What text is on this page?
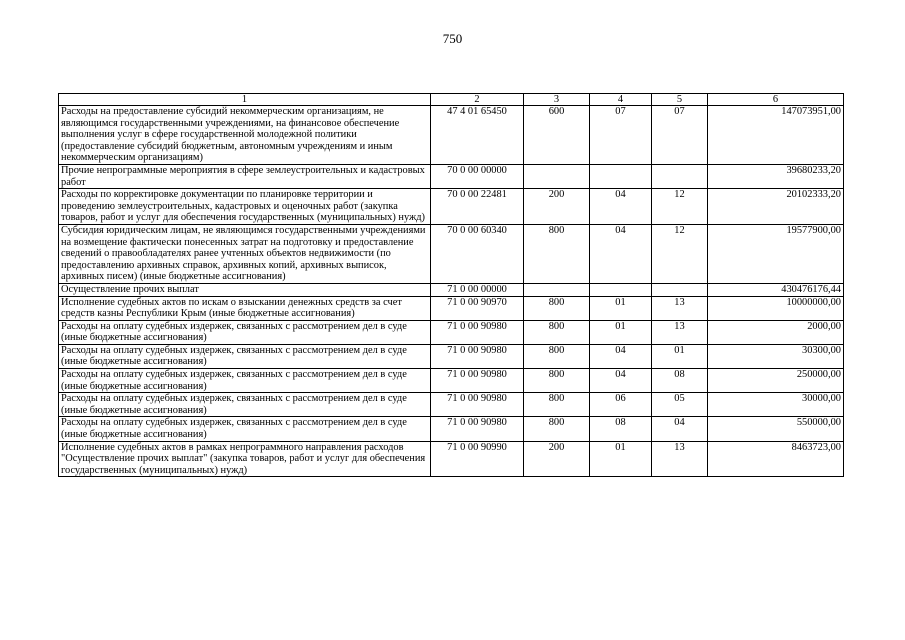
750
1	2	3	4	5	6
Расходы на предоставление субсидий некоммерческим организациям, не являющимся государственными учреждениями, на финансовое обеспечение выполнения услуг в сфере государственной молодежной политики (предоставление субсидий бюджетным, автономным учреждениям и иным некоммерческим организациям)	47 4 01 65450	600	07	07	147073951,00
Прочие непрограммные мероприятия в сфере землеустроительных и кадастровых работ	70 0 00 00000				39680233,20
Расходы по корректировке документации по планировке территории и проведению землеустроительных, кадастровых и оценочных работ (закупка товаров, работ и услуг для обеспечения государственных (муниципальных) нужд)	70 0 00 22481	200	04	12	20102333,20
Субсидия юридическим лицам, не являющимся государственными учреждениями на возмещение фактически понесенных затрат на подготовку и предоставление сведений о правообладателях ранее учтенных объектов недвижимости (по предоставлению архивных справок, архивных копий, архивных выписок, архивных писем) (иные бюджетные ассигнования)	70 0 00 60340	800	04	12	19577900,00
Осуществление прочих выплат	71 0 00 00000				430476176,44
Исполнение судебных актов по искам о взыскании денежных средств за счет средств казны Республики Крым (иные бюджетные ассигнования)	71 0 00 90970	800	01	13	10000000,00
Расходы на оплату судебных издержек, связанных с рассмотрением дел в суде (иные бюджетные ассигнования)	71 0 00 90980	800	01	13	2000,00
Расходы на оплату судебных издержек, связанных с рассмотрением дел в суде (иные бюджетные ассигнования)	71 0 00 90980	800	04	01	30300,00
Расходы на оплату судебных издержек, связанных с рассмотрением дел в суде (иные бюджетные ассигнования)	71 0 00 90980	800	04	08	250000,00
Расходы на оплату судебных издержек, связанных с рассмотрением дел в суде (иные бюджетные ассигнования)	71 0 00 90980	800	06	05	30000,00
Расходы на оплату судебных издержек, связанных с рассмотрением дел в суде (иные бюджетные ассигнования)	71 0 00 90980	800	08	04	550000,00
Исполнение судебных актов в рамках непрограммного направления расходов "Осуществление прочих выплат" (закупка товаров, работ и услуг для обеспечения государственных (муниципальных) нужд)	71 0 00 90990	200	01	13	8463723,00
